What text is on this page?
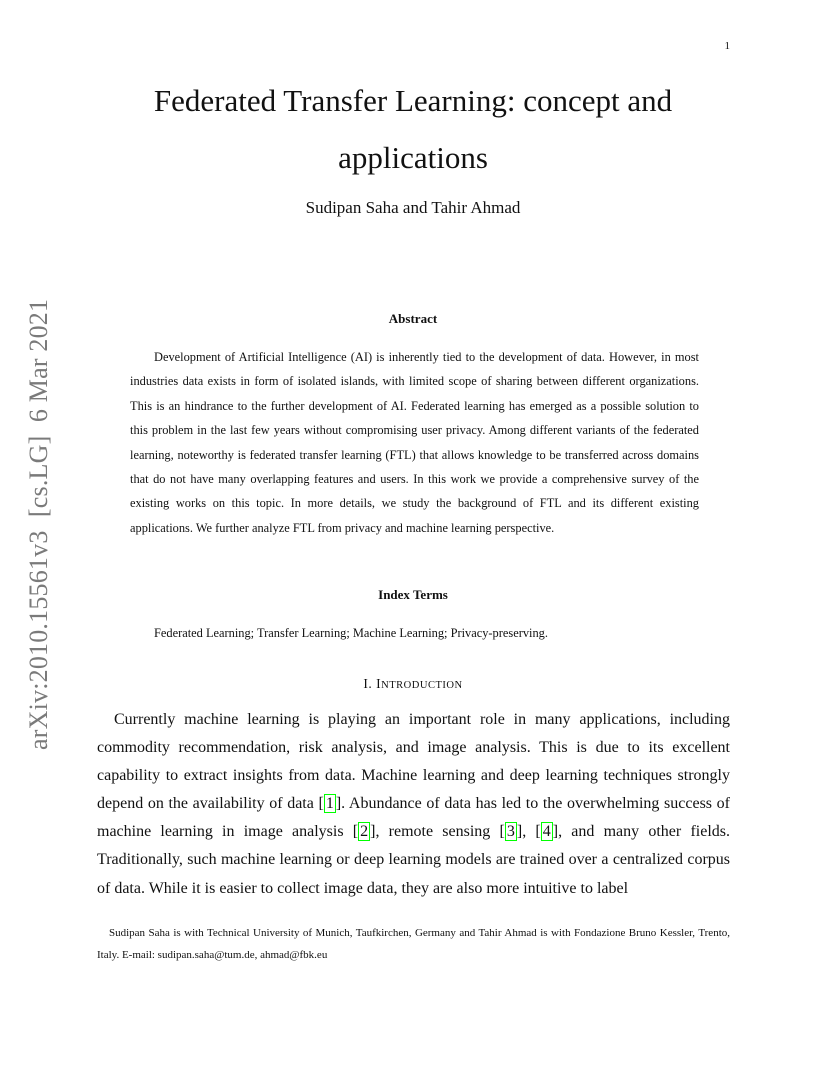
1
arXiv:2010.15561v3  [cs.LG]  6 Mar 2021
Federated Transfer Learning: concept and applications
Sudipan Saha and Tahir Ahmad
Abstract

Development of Artificial Intelligence (AI) is inherently tied to the development of data. However, in most industries data exists in form of isolated islands, with limited scope of sharing between different organizations. This is an hindrance to the further development of AI. Federated learning has emerged as a possible solution to this problem in the last few years without compromising user privacy. Among different variants of the federated learning, noteworthy is federated transfer learning (FTL) that allows knowledge to be transferred across domains that do not have many overlapping features and users. In this work we provide a comprehensive survey of the existing works on this topic. In more details, we study the background of FTL and its different existing applications. We further analyze FTL from privacy and machine learning perspective.

Index Terms
Federated Learning; Transfer Learning; Machine Learning; Privacy-preserving.
I. INTRODUCTION

Currently machine learning is playing an important role in many applications, including commodity recommendation, risk analysis, and image analysis. This is due to its excellent capability to extract insights from data. Machine learning and deep learning techniques strongly depend on the availability of data [ 1 ]. Abundance of data has led to the overwhelming success of machine learning in image analysis [ 2 ], remote sensing [ 3 ], [ 4 ], and many other fields. Traditionally, such machine learning or deep learning models are trained over a centralized corpus of data. While it is easier to collect image data, they are also more intuitive to label

Sudipan Saha is with Technical University of Munich, Taufkirchen, Germany and Tahir Ahmad is with Fondazione Bruno Kessler, Trento, Italy. E-mail: sudipan.saha@tum.de, ahmad@fbk.eu
